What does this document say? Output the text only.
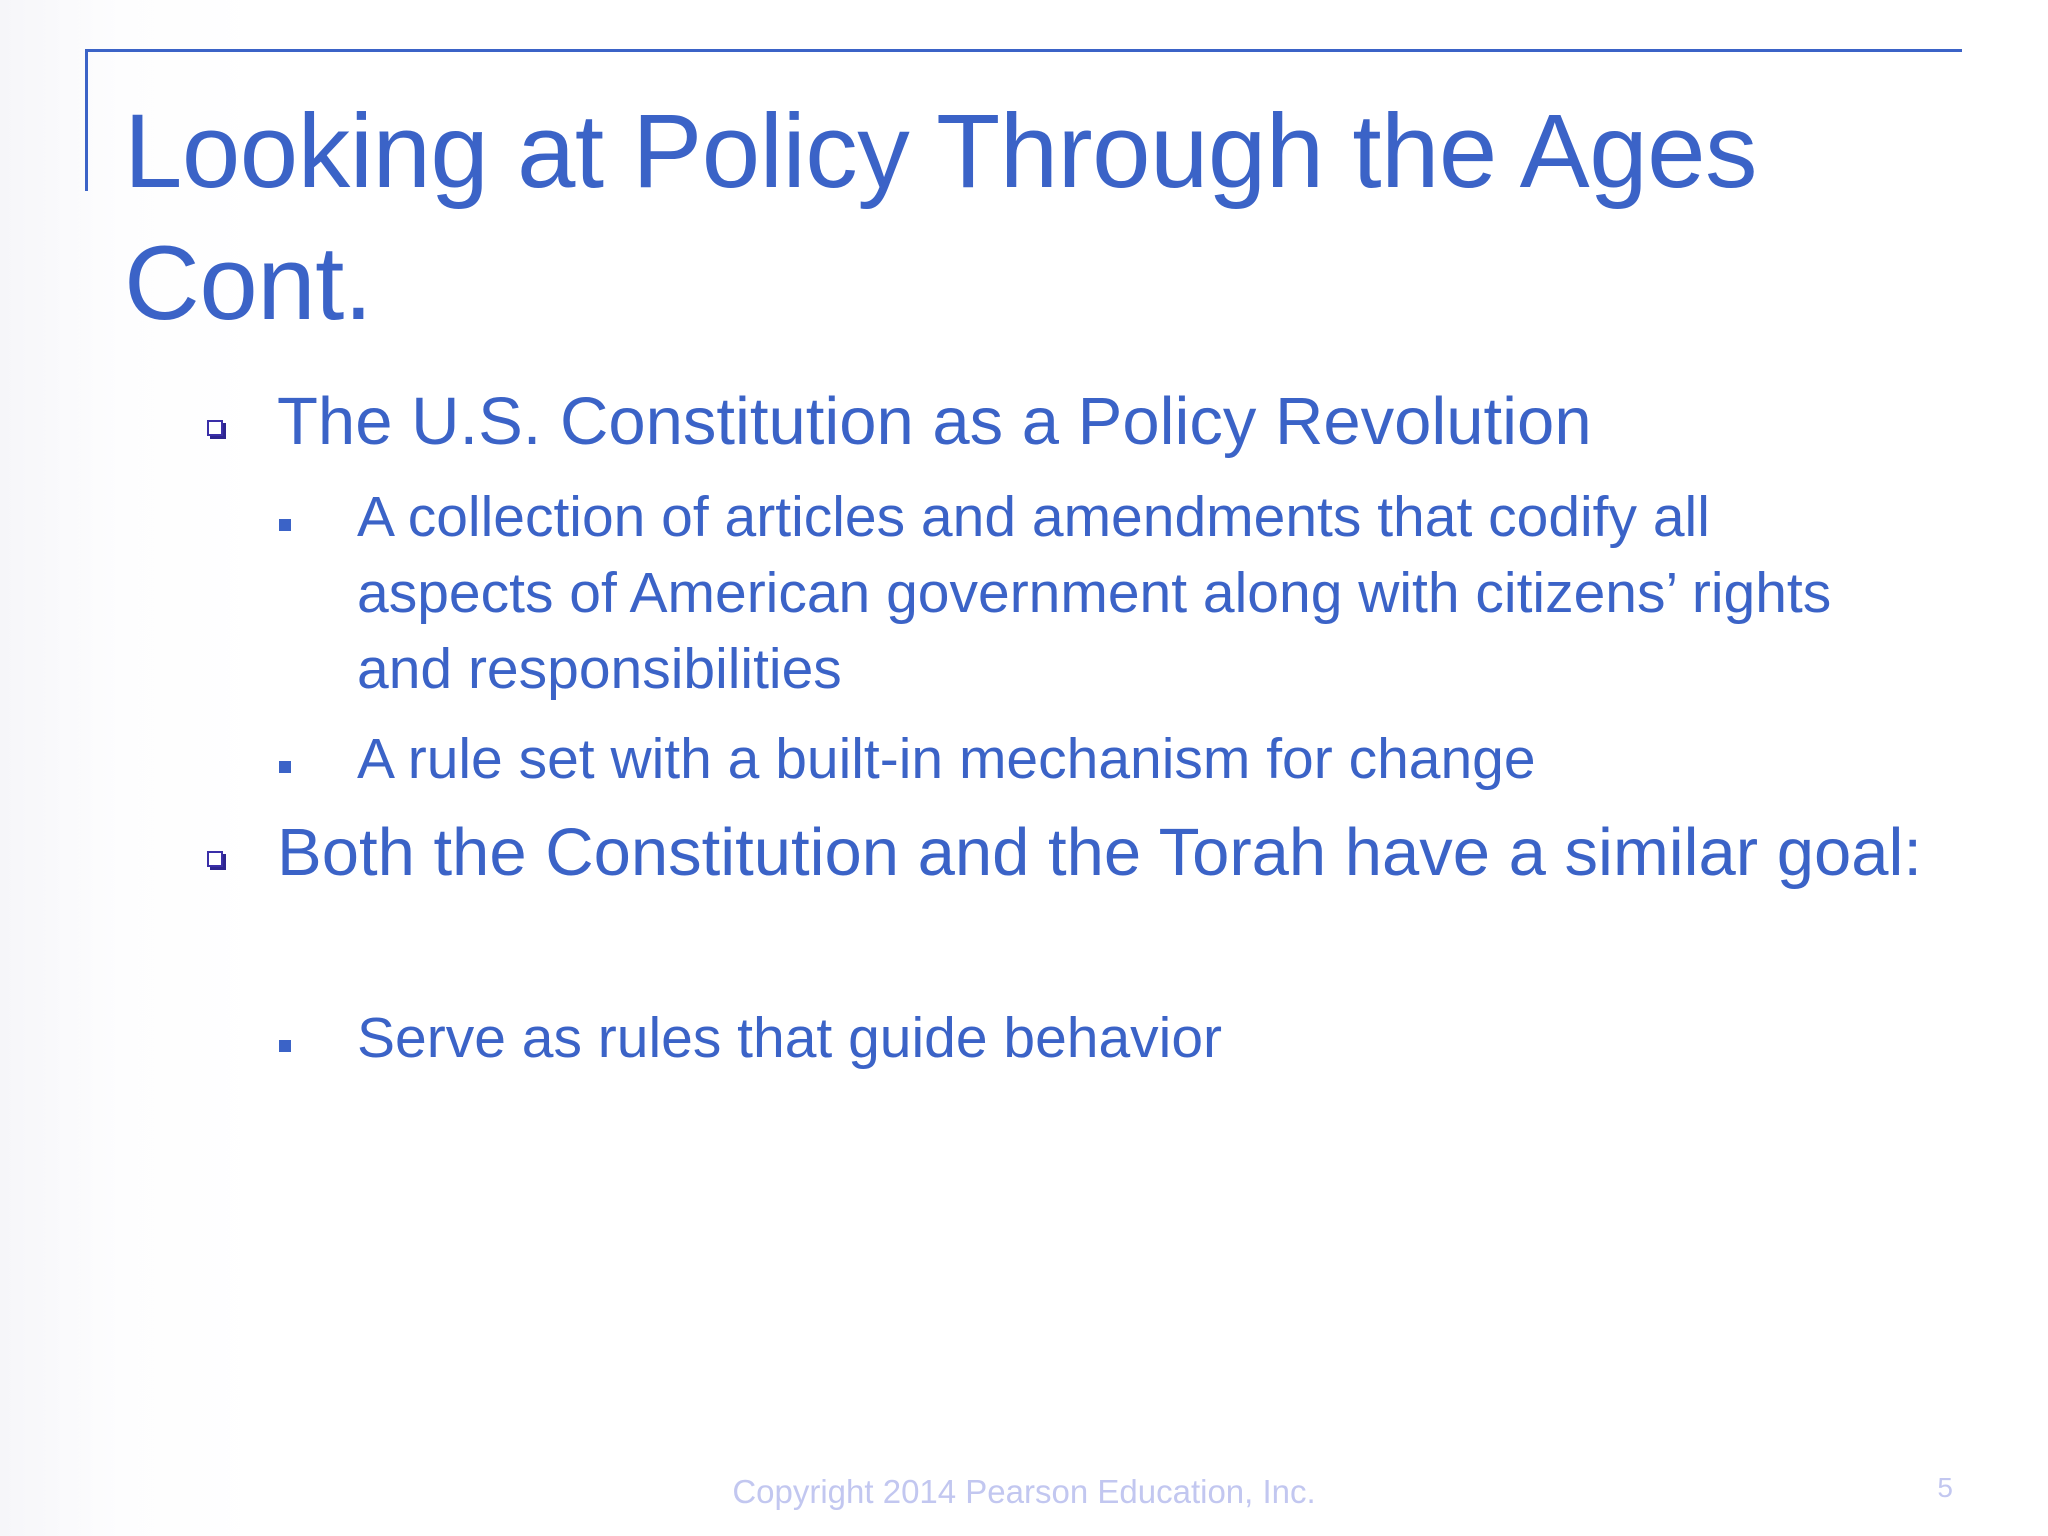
Looking at Policy Through the Ages Cont.
The U.S. Constitution as a Policy Revolution
A collection of articles and amendments that codify all aspects of American government along with citizens’ rights and responsibilities
A rule set with a built-in mechanism for change
Both the Constitution and the Torah have a similar goal:
Serve as rules that guide behavior
Copyright 2014 Pearson Education, Inc.	5
